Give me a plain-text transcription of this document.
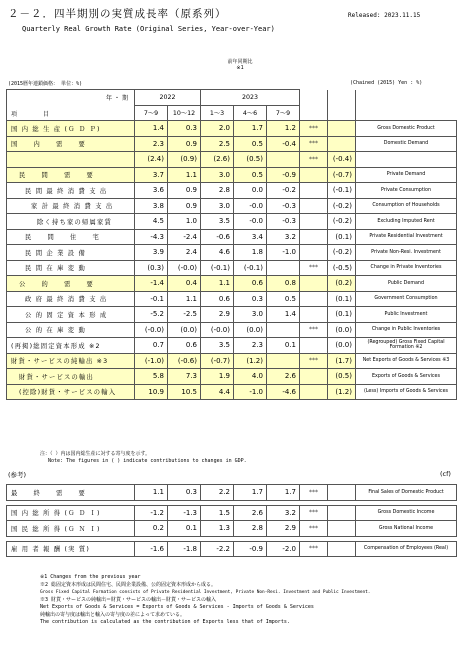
２－２．四半期別の実質成長率（原系列）	Released: 2023.11.15
Quarterly Real Growth Rate (Original Series, Year-over-Year)
前年同期比
※1
(2015暦年連鎖価格： 単位：%)	(Chained (2015) Yen : %)
年・期
項　　　目	2022		2023					
	7～9	10～12	1～3	4～6	7～9			
国 内 総 生 産 (Ｇ Ｄ Ｐ)	1.4	0.3	2.0	1.7	1.2	***		Gross Domestic Product
国　　内　　需　　要	2.3	0.9	2.5	0.5	-0.4	***		Domestic Demand
	(2.4)	(0.9)	(2.6)	(0.5)		***	(-0.4)	
民　　間　　需　　要	3.7	1.1	3.0	0.5	-0.9		(-0.7)	Private Demand
民 間 最 終 消 費 支 出	3.6	0.9	2.8	0.0	-0.2		(-0.1)	Private Consumption
家 計 最 終 消 費 支 出	3.8	0.9	3.0	-0.0	-0.3		(-0.2)	Consumption of Households
除く持ち家の帰属家賃	4.5	1.0	3.5	-0.0	-0.3		(-0.2)	Excluding Imputed Rent
民　　間　　住　　宅	-4.3	-2.4	-0.6	3.4	3.2		(0.1)	Private Residential Investment
民 間 企 業 設 備	3.9	2.4	4.6	1.8	-1.0		(-0.2)	Private Non-Resi. Investment
民 間 在 庫 変 動	(0.3)	(-0.0)	(-0.1)	(-0.1)		***	(-0.5)	Change in Private Inventories
公　　的　　需　　要	-1.4	0.4	1.1	0.6	0.8		(0.2)	Public Demand
政 府 最 終 消 費 支 出	-0.1	1.1	0.6	0.3	0.5		(0.1)	Government Consumption
公 的 固 定 資 本 形 成	-5.2	-2.5	2.9	3.0	1.4		(0.1)	Public Investment
公 的 在 庫 変 動	(-0.0)	(0.0)	(-0.0)	(0.0)		***	(0.0)	Change in Public Inventories
(再掲)総固定資本形成 ※2	0.7	0.6	3.5	2.3	0.1		(0.0)	(Regrouped) Gross Fixed Capital Formation ※2
財貨・サービスの純輸出 ※3	(-1.0)	(-0.6)	(-0.7)	(1.2)		***	(1.7)	Net Exports of Goods & Services ※3
財貨・サービスの輸出	5.8	7.3	1.9	4.0	2.6		(0.5)	Exports of Goods & Services
(控除)財貨・サービスの輸入	10.9	10.5	4.4	-1.0	-4.6		(1.2)	(Less) Imports of Goods & Services
注：（ ）内は国内総生産に対する寄与度を示す。
Note: The figures in ( ) indicate contributions to changes in GDP.
(参考)	(cf)
最　　終　　需　　要	1.1	0.3	2.2	1.7	1.7	***		Final Sales of Domestic Product

国 内 総 所 得 (Ｇ Ｄ Ｉ)	-1.2	-1.3	1.5	2.6	3.2	***		Gross Domestic Income
国 民 総 所 得 (Ｇ Ｎ Ｉ)	0.2	0.1	1.3	2.8	2.9	***		Gross National Income

雇 用 者 報 酬 (実 質)	-1.6	-1.8	-2.2	-0.9	-2.0	***		Compensation of Employees (Real)
※1 Changes from the previous year
※2 総固定資本形成は民間住宅、民間企業設備、公的固定資本形成から成る。
Gross Fixed Capital Formation consists of Private Residential Investment, Private Non-Resi. Investment and Public Investment.
※3 財貨・サービスの純輸出＝財貨・サービスの輸出－財貨・サービスの輸入
Net Exports of Goods & Services = Exports of Goods & Services - Imports of Goods & Services
純輸出の寄与度は輸出と輸入の寄与度の差によって求めている。
The contribution is calculated as the contribution of Exports less that of Imports.
